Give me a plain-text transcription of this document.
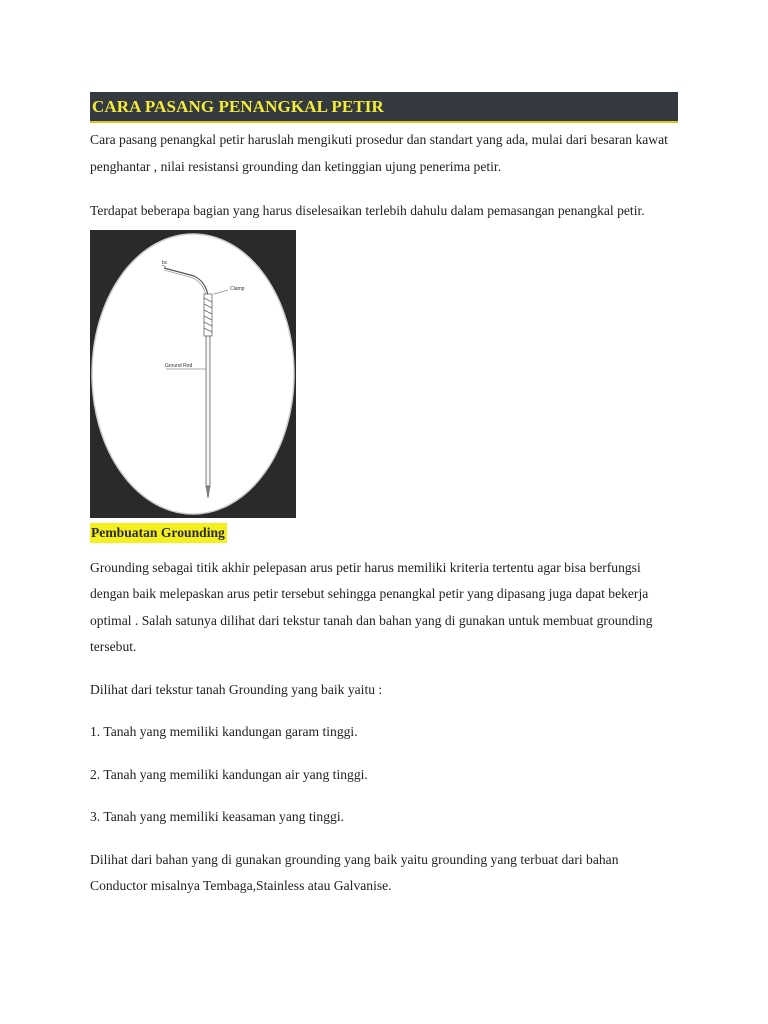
CARA PASANG PENANGKAL PETIR

Cara pasang penangkal petir haruslah mengikuti prosedur dan standart yang ada, mulai dari besaran kawat penghantar , nilai resistansi grounding dan ketinggian ujung penerima petir.

Terdapat beberapa bagian yang harus diselesaikan terlebih dahulu dalam pemasangan penangkal petir.

bc
Clamp
Ground Rod
Pembuatan Grounding

Grounding sebagai titik akhir pelepasan arus petir harus memiliki kriteria tertentu agar bisa berfungsi dengan baik melepaskan arus petir tersebut sehingga penangkal petir yang dipasang juga dapat bekerja optimal . Salah satunya dilihat dari tekstur tanah dan bahan yang di gunakan untuk membuat grounding tersebut.

Dilihat dari tekstur tanah Grounding yang baik yaitu :

1. Tanah yang memiliki kandungan garam tinggi.

2. Tanah yang memiliki kandungan air yang tinggi.

3. Tanah yang memiliki keasaman yang tinggi.

Dilihat dari bahan yang di gunakan grounding yang baik yaitu grounding yang terbuat dari bahan Conductor misalnya Tembaga,Stainless atau Galvanise.
